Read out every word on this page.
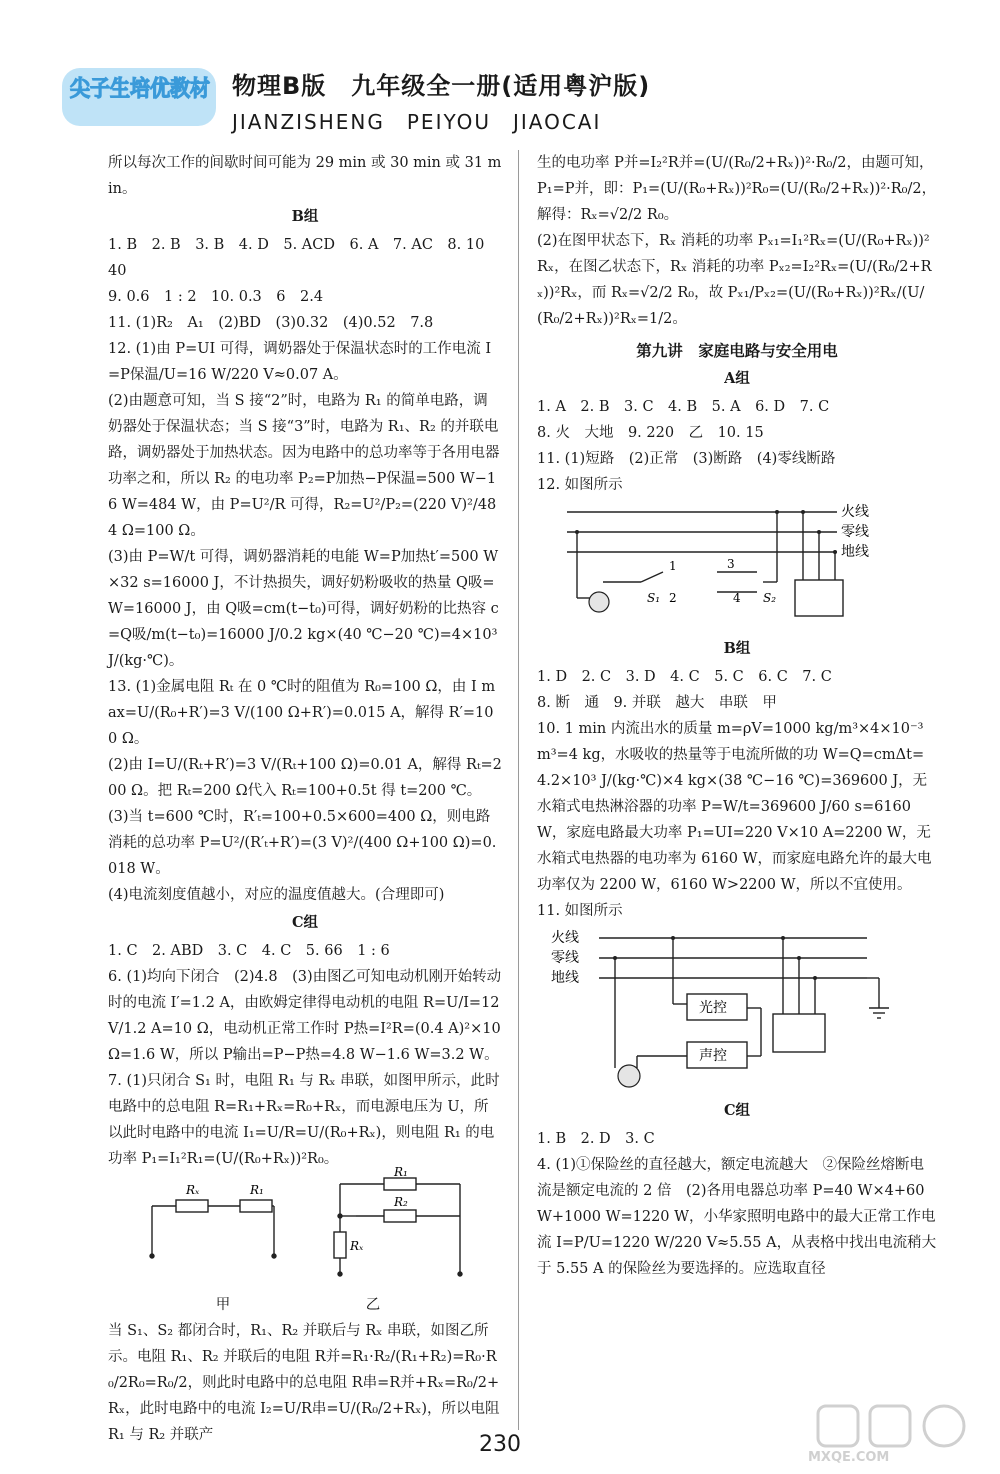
尖子生培优教材 物理B版　九年级全一册(适用粤沪版)
JIANZISHENG　PEIYOU　JIAOCAI

所以每次工作的间歇时间可能为 29 min 或 30 min 或 31 min。

B组

1. B　2. B　3. B　4. D　5. ACD　6. A　7. AC　8. 10　40

9. 0.6　1 : 2　10. 0.3　6　2.4

11. (1)R₂　A₁　(2)BD　(3)0.32　(4)0.52　7.8

12. (1)由 P=UI 可得，调奶器处于保温状态时的工作电流 I=P保温/U=16 W/220 V≈0.07 A。

(2)由题意可知，当 S 接“2”时，电路为 R₁ 的简单电路，调奶器处于保温状态；当 S 接“3”时，电路为 R₁、R₂ 的并联电路，调奶器处于加热状态。因为电路中的总功率等于各用电器功率之和，所以 R₂ 的电功率 P₂=P加热−P保温=500 W−16 W=484 W，由 P=U²/R 可得，R₂=U²/P₂=(220 V)²/484 Ω=100 Ω。

(3)由 P=W/t 可得，调奶器消耗的电能 W=P加热t′=500 W×32 s=16000 J，不计热损失，调好奶粉吸收的热量 Q吸=W=16000 J，由 Q吸=cm(t−t₀)可得，调好奶粉的比热容 c=Q吸/m(t−t₀)=16000 J/0.2 kg×(40 ℃−20 ℃)=4×10³ J/(kg·℃)。

13. (1)金属电阻 Rₜ 在 0 ℃时的阻值为 R₀=100 Ω，由 I max=U/(R₀+R′)=3 V/(100 Ω+R′)=0.015 A，解得 R′=100 Ω。

(2)由 I=U/(Rₜ+R′)=3 V/(Rₜ+100 Ω)=0.01 A，解得 Rₜ=200 Ω。把 Rₜ=200 Ω代入 Rₜ=100+0.5t 得 t=200 ℃。

(3)当 t=600 ℃时，R′ₜ=100+0.5×600=400 Ω，则电路消耗的总功率 P=U²/(R′ₜ+R′)=(3 V)²/(400 Ω+100 Ω)=0.018 W。

(4)电流刻度值越小，对应的温度值越大。(合理即可)

C组

1. C　2. ABD　3. C　4. C　5. 66　1 : 6

6. (1)均向下闭合　(2)4.8　(3)由图乙可知电动机刚开始转动时的电流 I′=1.2 A，由欧姆定律得电动机的电阻 R=U/I=12 V/1.2 A=10 Ω，电动机正常工作时 P热=I²R=(0.4 A)²×10 Ω=1.6 W，所以 P输出=P−P热=4.8 W−1.6 W=3.2 W。

7. (1)只闭合 S₁ 时，电阻 R₁ 与 Rₓ 串联，如图甲所示，此时电路中的总电阻 R=R₁+Rₓ=R₀+Rₓ，而电源电压为 U，所以此时电路中的电流 I₁=U/R=U/(R₀+Rₓ)，则电阻 R₁ 的电功率 P₁=I₁²R₁=(U/(R₀+Rₓ))²R₀。

Rₓ	R₁
R₁
R₂
Rₓ
甲	乙

当 S₁、S₂ 都闭合时，R₁、R₂ 并联后与 Rₓ 串联，如图乙所示。电阻 R₁、R₂ 并联后的电阻 R并=R₁·R₂/(R₁+R₂)=R₀·R₀/2R₀=R₀/2，则此时电路中的总电阻 R串=R并+Rₓ=R₀/2+Rₓ，此时电路中的电流 I₂=U/R串=U/(R₀/2+Rₓ)，所以电阻 R₁ 与 R₂ 并联产

生的电功率 P并=I₂²R并=(U/(R₀/2+Rₓ))²·R₀/2，由题可知，P₁=P并，即：P₁=(U/(R₀+Rₓ))²R₀=(U/(R₀/2+Rₓ))²·R₀/2，解得：Rₓ=√2/2 R₀。

(2)在图甲状态下，Rₓ 消耗的功率 Pₓ₁=I₁²Rₓ=(U/(R₀+Rₓ))²Rₓ，在图乙状态下，Rₓ 消耗的功率 Pₓ₂=I₂²Rₓ=(U/(R₀/2+Rₓ))²Rₓ，而 Rₓ=√2/2 R₀，故 Pₓ₁/Pₓ₂=(U/(R₀+Rₓ))²Rₓ/(U/(R₀/2+Rₓ))²Rₓ=1/2。

第九讲　家庭电路与安全用电

A组

1. A　2. B　3. C　4. B　5. A　6. D　7. C

8. 火　大地　9. 220　乙　10. 15

11. (1)短路　(2)正常　(3)断路　(4)零线断路

12. 如图所示

火线
零线
地线
1
2
3
4
S₁	S₂

B组

1. D　2. C　3. D　4. C　5. C　6. C　7. C

8. 断　通　9. 并联　越大　串联　甲

10. 1 min 内流出水的质量 m=ρV=1000 kg/m³×4×10⁻³ m³=4 kg，水吸收的热量等于电流所做的功 W=Q=cmΔt=4.2×10³ J/(kg·℃)×4 kg×(38 ℃−16 ℃)=369600 J，无水箱式电热淋浴器的功率 P=W/t=369600 J/60 s=6160 W，家庭电路最大功率 P₁=UI=220 V×10 A=2200 W，无水箱式电热器的电功率为 6160 W，而家庭电路允许的最大电功率仅为 2200 W，6160 W>2200 W，所以不宜使用。

11. 如图所示

火线
零线
地线
光控
声控

C组

1. B　2. D　3. C

4. (1)①保险丝的直径越大，额定电流越大　②保险丝熔断电流是额定电流的 2 倍　(2)各用电器总功率 P=40 W×4+60 W+1000 W=1220 W，小华家照明电路中的最大正常工作电流 I=P/U=1220 W/220 V≈5.55 A，从表格中找出电流稍大于 5.55 A 的保险丝为要选择的。应选取直径

230
MXQE.COM
